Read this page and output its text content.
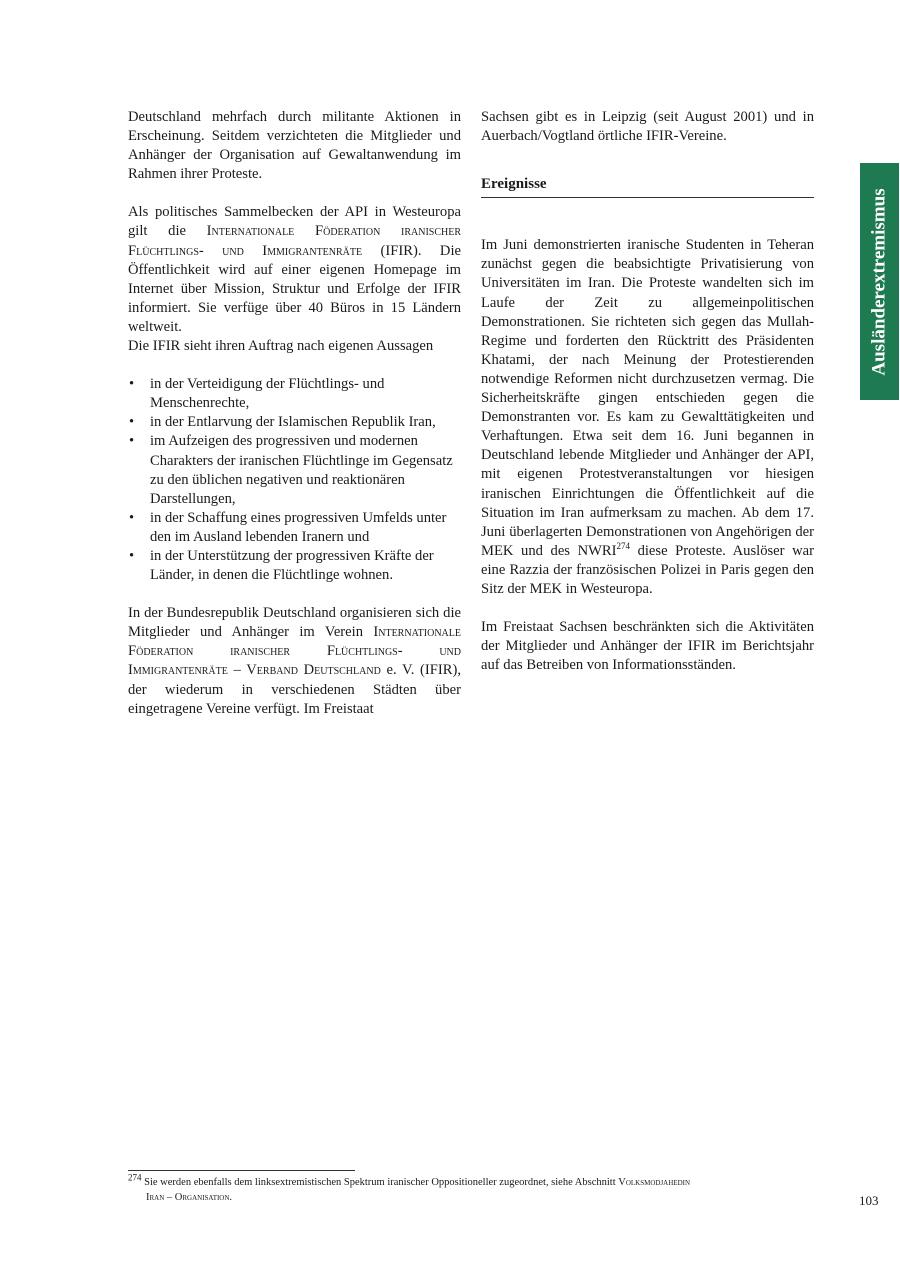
Deutschland mehrfach durch militante Aktionen in Erscheinung. Seitdem verzichteten die Mitglieder und Anhänger der Organisation auf Gewaltanwendung im Rahmen ihrer Proteste.

Als politisches Sammelbecken der API in Westeuropa gilt die Internationale Föderation iranischer Flüchtlings- und Immigrantenräte (IFIR). Die Öffentlichkeit wird auf einer eigenen Homepage im Internet über Mission, Struktur und Erfolge der IFIR informiert. Sie verfüge über 40 Büros in 15 Ländern weltweit.

Die IFIR sieht ihren Auftrag nach eigenen Aussagen

• in der Verteidigung der Flüchtlings- und Menschenrechte,
• in der Entlarvung der Islamischen Republik Iran,
• im Aufzeigen des progressiven und modernen Charakters der iranischen Flüchtlinge im Gegensatz zu den üblichen negativen und reaktionären Darstellungen,
• in der Schaffung eines progressiven Umfelds unter den im Ausland lebenden Iranern und
• in der Unterstützung der progressiven Kräfte der Länder, in denen die Flüchtlinge wohnen.

In der Bundesrepublik Deutschland organisieren sich die Mitglieder und Anhänger im Verein Internationale Föderation iranischer Flüchtlings- und Immigrantenräte – Verband Deutschland e. V. (IFIR), der wiederum in verschiedenen Städten über eingetragene Vereine verfügt. Im Freistaat

Sachsen gibt es in Leipzig (seit August 2001) und in Auerbach/Vogtland örtliche IFIR-Vereine.

Ereignisse

Im Juni demonstrierten iranische Studenten in Teheran zunächst gegen die beabsichtigte Privatisierung von Universitäten im Iran. Die Proteste wandelten sich im Laufe der Zeit zu allgemeinpolitischen Demonstrationen. Sie richteten sich gegen das Mullah-Regime und forderten den Rücktritt des Präsidenten Khatami, der nach Meinung der Protestierenden notwendige Reformen nicht durchzusetzen vermag. Die Sicherheitskräfte gingen entschieden gegen die Demonstranten vor. Es kam zu Gewalttätigkeiten und Verhaftungen. Etwa seit dem 16. Juni begannen in Deutschland lebende Mitglieder und Anhänger der API, mit eigenen Protestveranstaltungen vor hiesigen iranischen Einrichtungen die Öffentlichkeit auf die Situation im Iran aufmerksam zu machen. Ab dem 17. Juni überlagerten Demonstrationen von Angehörigen der MEK und des NWRI$^{274}$ diese Proteste. Auslöser war eine Razzia der französischen Polizei in Paris gegen den Sitz der MEK in Westeuropa.

Im Freistaat Sachsen beschränkten sich die Aktivitäten der Mitglieder und Anhänger der IFIR im Berichtsjahr auf das Betreiben von Informationsständen.

Ausländerextremismus
274 Sie werden ebenfalls dem linksextremistischen Spektrum iranischer Oppositioneller zugeordnet, siehe Abschnitt Volksmodjahedin
Iran – Organisation.	103
